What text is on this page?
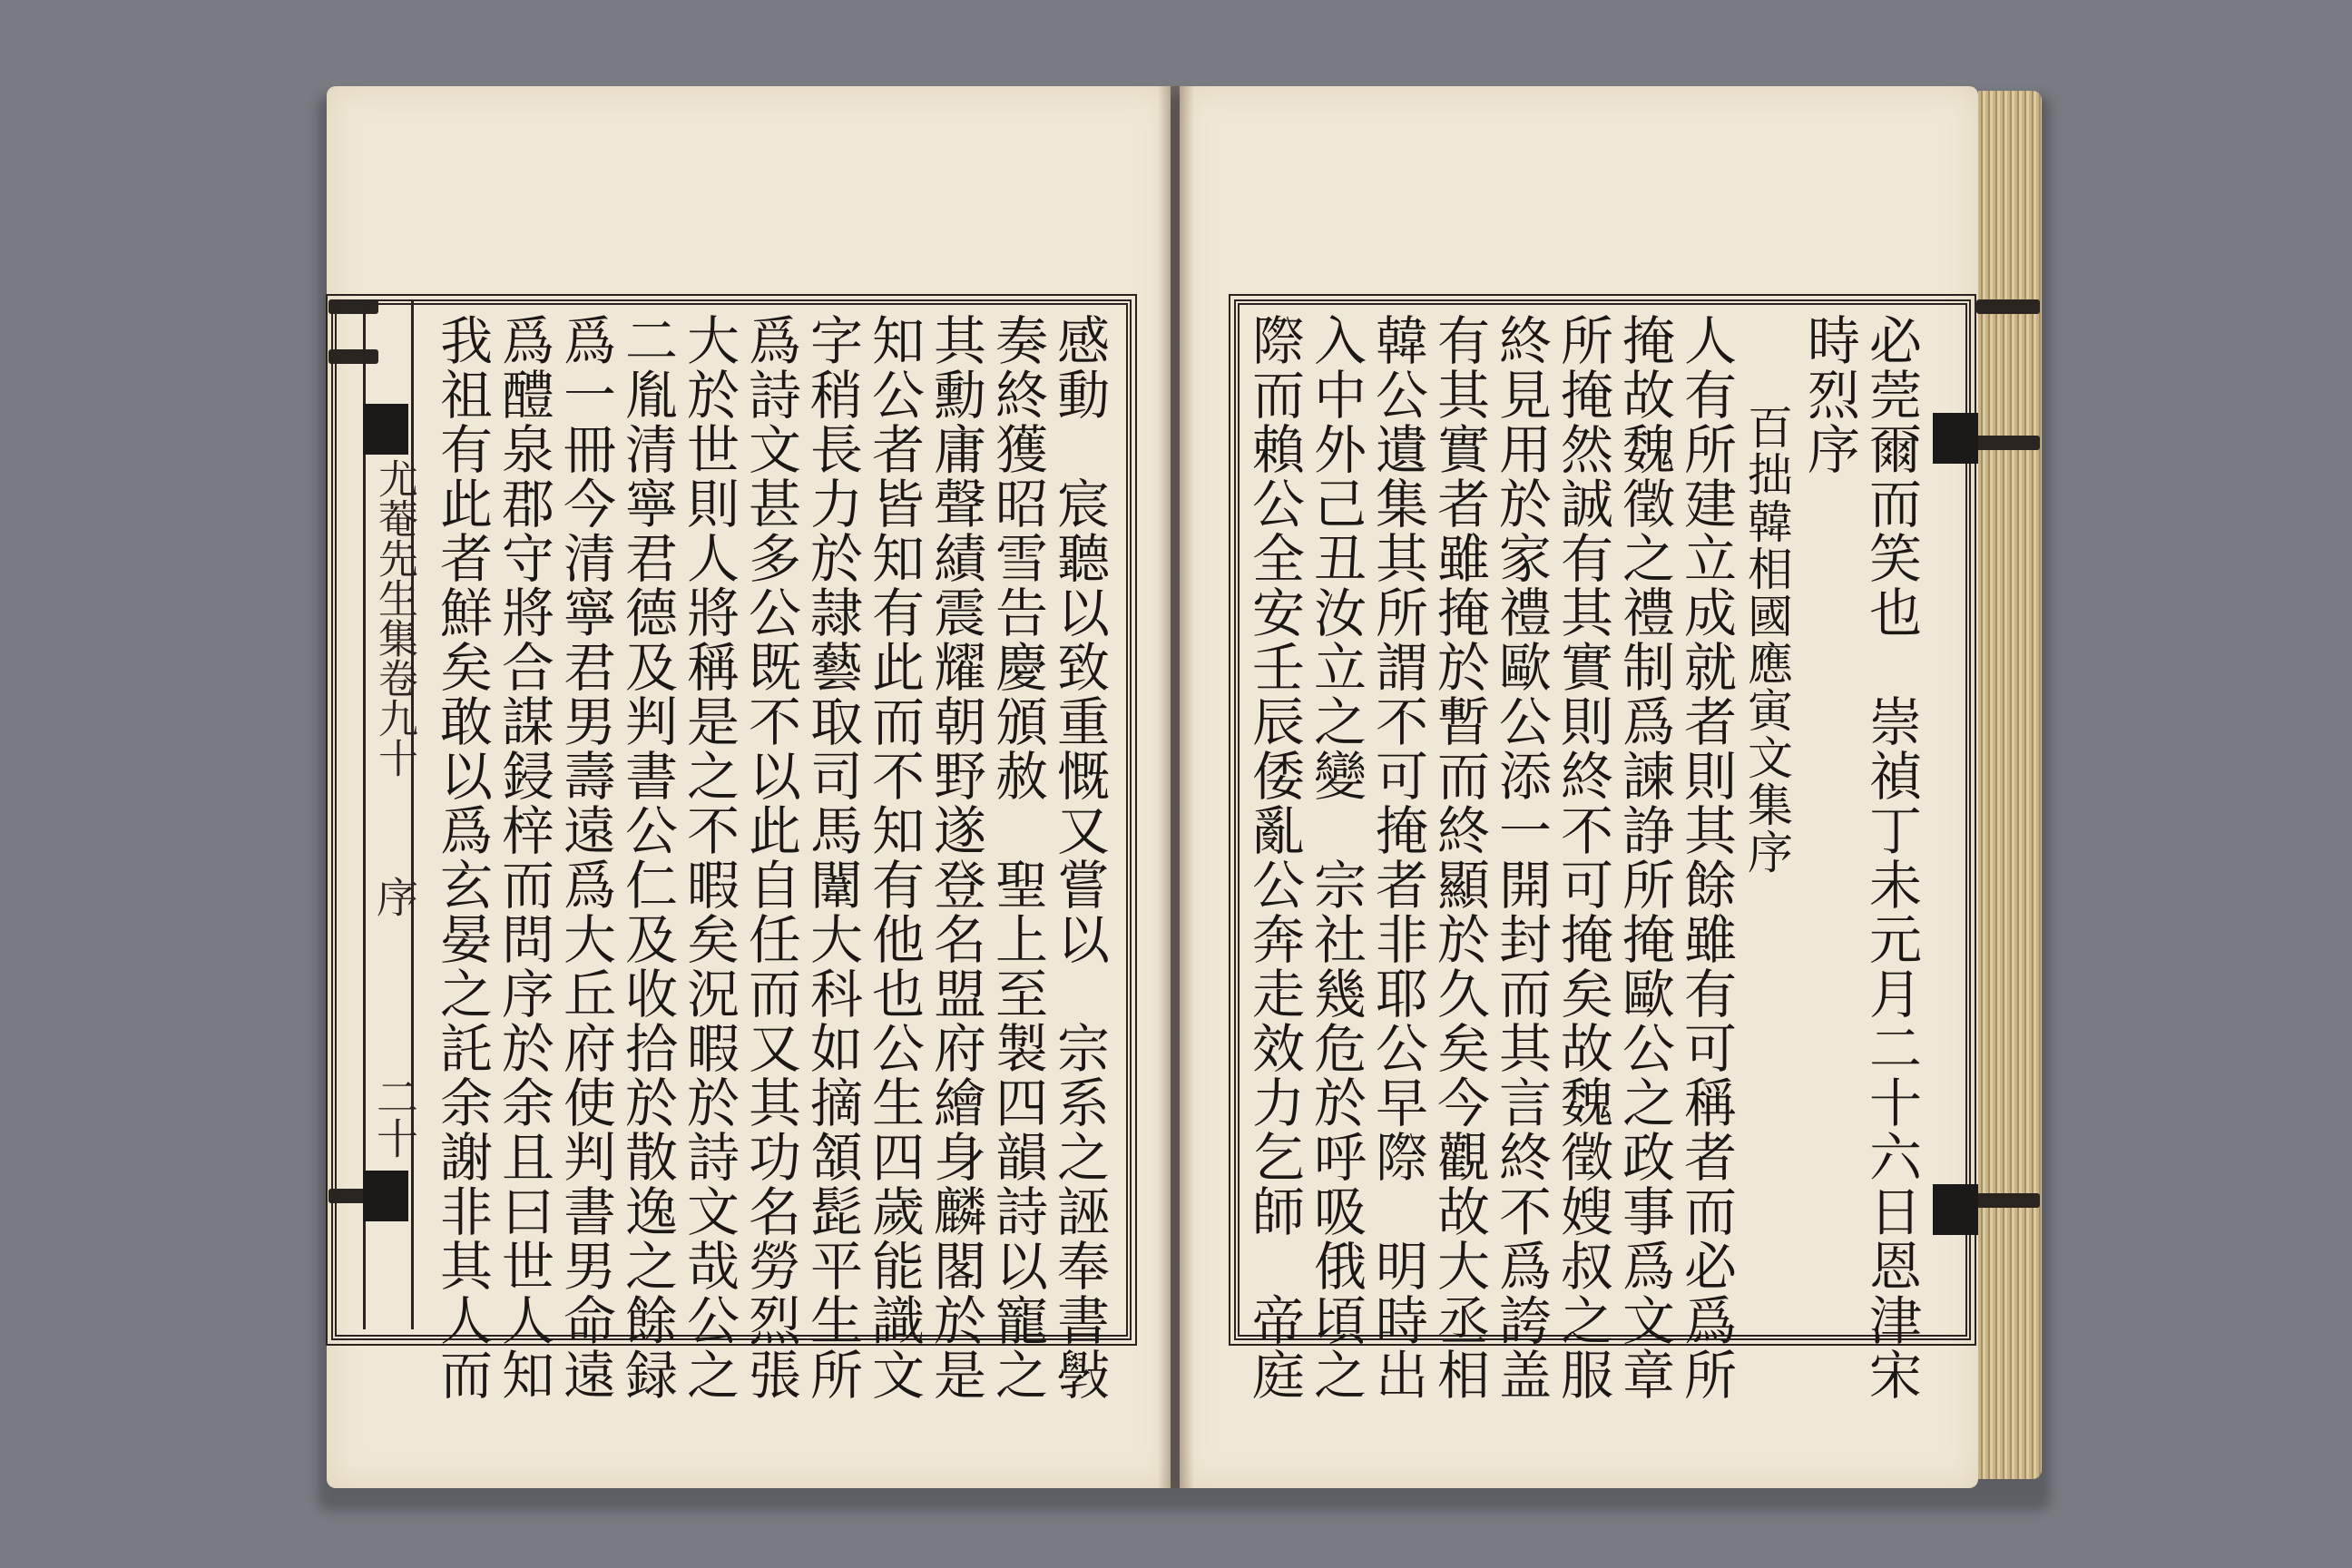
尤菴先生集卷九十
序
二十	感動　宸聽以致重慨又嘗以　宗系之誣奉書斅
奏終獲昭雪告慶頒赦　聖上至製四韻詩以寵之
其勳庸聲績震耀朝野遂登名盟府繪身麟閣於是
知公者皆知有此而不知有他也公生四歲能識文
字稍長力於隷藝取司馬闈大科如摘頷髭平生所
爲詩文甚多公既不以此自任而又其功名勞烈張
大於世則人將稱是之不暇矣況暇於詩文哉公之
二胤清寧君德及判書公仁及收拾於散逸之餘録
爲一冊今清寧君男壽遠爲大丘府使判書男命遠
爲醴泉郡守將合謀鋟梓而問序於余且曰世人知
我祖有此者鮮矣敢以爲玄晏之託余謝非其人而	必莞爾而笑也　崇禎丁未元月二十六日恩津宋
時烈序
百拙韓相國應寅文集序
人有所建立成就者則其餘雖有可稱者而必爲所
掩故魏徵之禮制爲諫諍所掩歐公之政事爲文章
所掩然誠有其實則終不可掩矣故魏徵嫂叔之服
終見用於家禮歐公添一開封而其言終不爲誇盖
有其實者雖掩於暫而終顯於久矣今觀故大丞相
韓公遺集其所謂不可掩者非耶公早際　明時出
入中外己丑汝立之變　宗社幾危於呼吸俄頃之
際而賴公全安壬辰倭亂公奔走效力乞師　帝庭
